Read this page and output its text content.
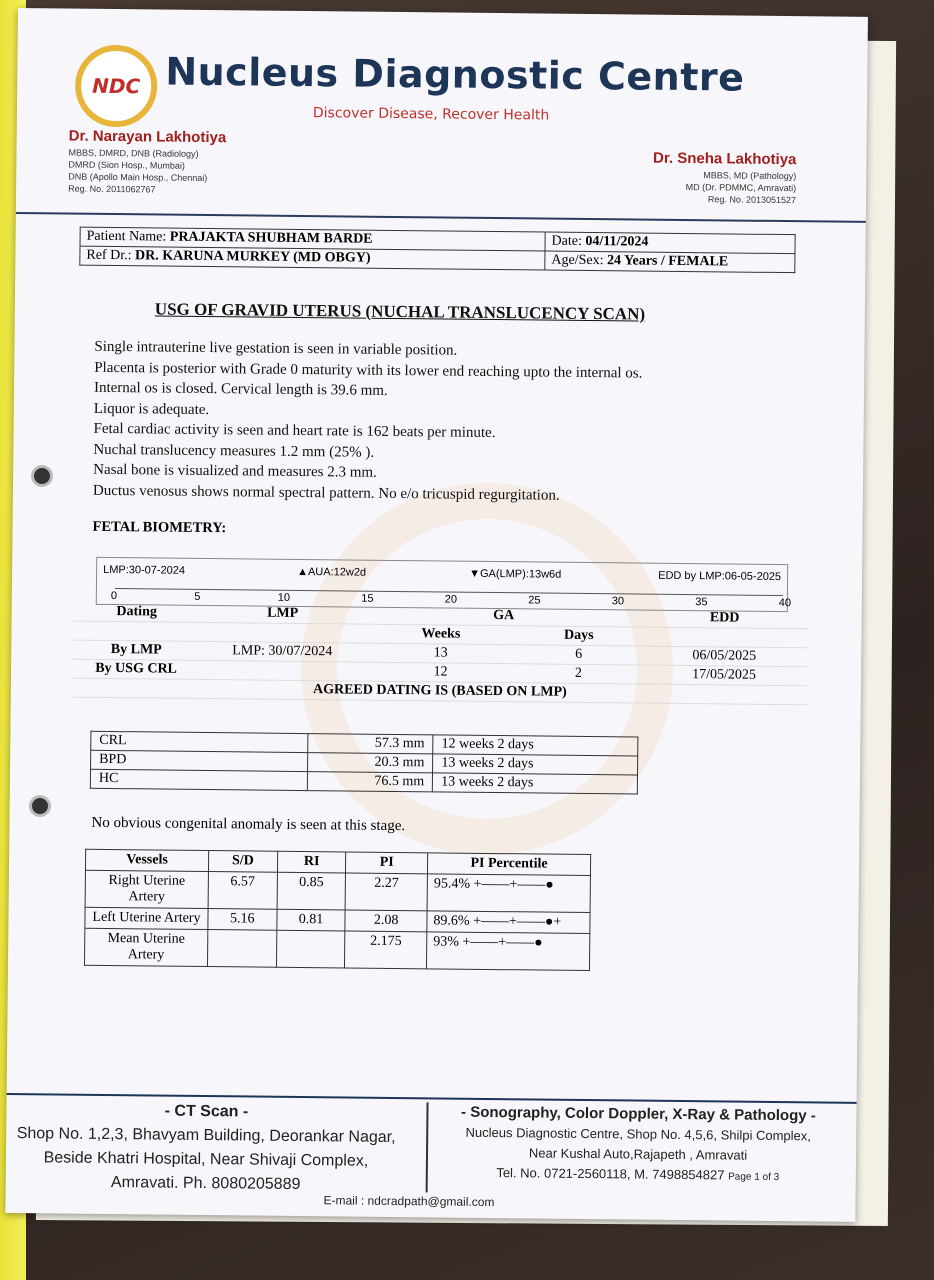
NDC Nucleus Diagnostic Centre
Discover Disease, Recover Health
Dr. Narayan Lakhotiya
MBBS, DMRD, DNB (Radiology)
DMRD (Sion Hosp., Mumbai)
DNB (Apollo Main Hosp., Chennai)
Reg. No. 2011062767
Dr. Sneha Lakhotiya
MBBS, MD (Pathology)
MD (Dr. PDMMC, Amravati)
Reg. No. 2013051527
Patient Name: PRAJAKTA SHUBHAM BARDE	Date: 04/11/2024
Ref Dr.: DR. KARUNA MURKEY (MD OBGY)	Age/Sex: 24 Years / FEMALE
USG OF GRAVID UTERUS (NUCHAL TRANSLUCENCY SCAN)
Single intrauterine live gestation is seen in variable position.
Placenta is posterior with Grade 0 maturity with its lower end reaching upto the internal os.
Internal os is closed. Cervical length is 39.6 mm.
Liquor is adequate.
Fetal cardiac activity is seen and heart rate is 162 beats per minute.
Nuchal translucency measures 1.2 mm (25% ).
Nasal bone is visualized and measures 2.3 mm.
Ductus venosus shows normal spectral pattern. No e/o tricuspid regurgitation.
FETAL BIOMETRY:
LMP:30-07-2024	▲AUA:12w2d	▼GA(LMP):13w6d	EDD by LMP:06-05-2025
0	5	10	15	20	25	30	35	40
Dating	LMP	GA		EDD
		Weeks	Days	
By LMP	LMP: 30/07/2024	13	6	06/05/2025
By USG CRL		12	2	17/05/2025
AGREED DATING IS (BASED ON LMP)				
CRL	57.3 mm	12 weeks 2 days
BPD	20.3 mm	13 weeks 2 days
HC	76.5 mm	13 weeks 2 days
No obvious congenital anomaly is seen at this stage.
Vessels	S/D	RI	PI	PI Percentile
Right Uterine Artery	6.57	0.85	2.27	95.4% +——+——●
Left Uterine Artery	5.16	0.81	2.08	89.6% +——+——●+
Mean Uterine Artery			2.175	93% +——+——●
- CT Scan -
Shop No. 1,2,3, Bhavyam Building, Deorankar Nagar,
Beside Khatri Hospital, Near Shivaji Complex,
Amravati. Ph. 8080205889
- Sonography, Color Doppler, X-Ray & Pathology -
Nucleus Diagnostic Centre, Shop No. 4,5,6, Shilpi Complex,
Near Kushal Auto,Rajapeth , Amravati
Tel. No. 0721-2560118, M. 7498854827 Page 1 of 3
E-mail : ndcradpath@gmail.com
